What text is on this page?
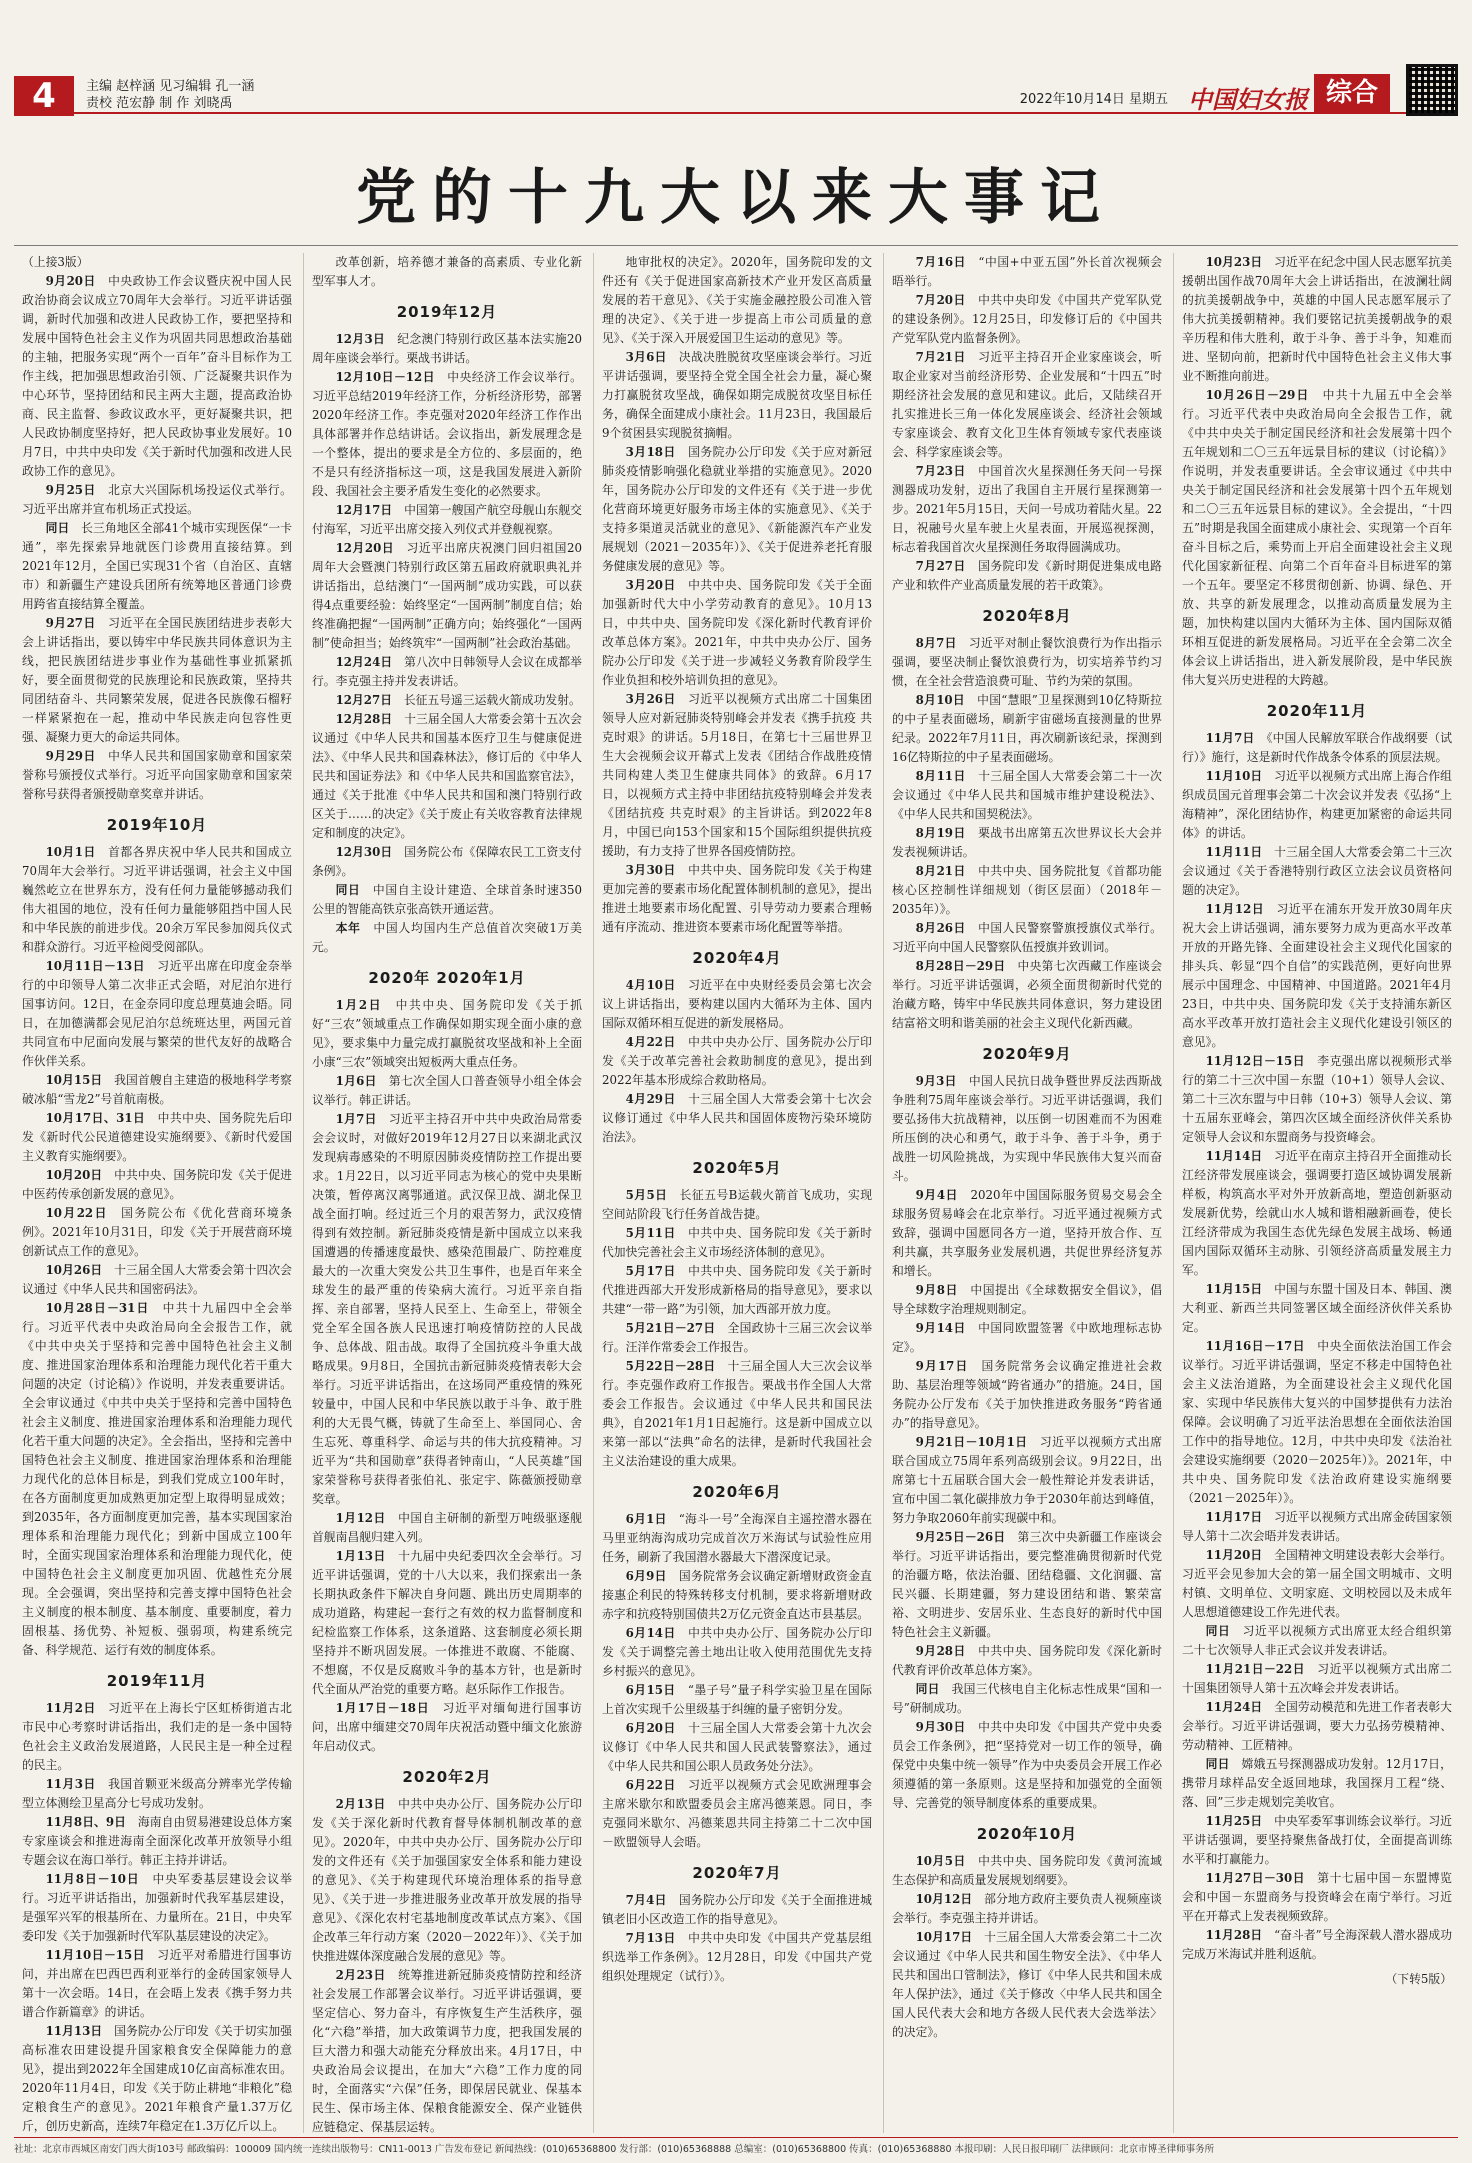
4	主编 赵梓涵 见习编辑 孔一涵
责校 范宏静 制 作 刘晓禹	2022年10月14日 星期五 中国妇女报 综合
党的十九大以来大事记

（上接3版）

9月20日　中央政协工作会议暨庆祝中国人民政治协商会议成立70周年大会举行。习近平讲话强调，新时代加强和改进人民政协工作，要把坚持和发展中国特色社会主义作为巩固共同思想政治基础的主轴，把服务实现“两个一百年”奋斗目标作为工作主线，把加强思想政治引领、广泛凝聚共识作为中心环节，坚持团结和民主两大主题，提高政治协商、民主监督、参政议政水平，更好凝聚共识，把人民政协制度坚持好，把人民政协事业发展好。10月7日，中共中央印发《关于新时代加强和改进人民政协工作的意见》。

9月25日　北京大兴国际机场投运仪式举行。习近平出席并宣布机场正式投运。

同日　长三角地区全部41个城市实现医保“一卡通”，率先探索异地就医门诊费用直接结算。到2021年12月，全国已实现31个省（自治区、直辖市）和新疆生产建设兵团所有统筹地区普通门诊费用跨省直接结算全覆盖。

9月27日　习近平在全国民族团结进步表彰大会上讲话指出，要以铸牢中华民族共同体意识为主线，把民族团结进步事业作为基础性事业抓紧抓好，要全面贯彻党的民族理论和民族政策，坚持共同团结奋斗、共同繁荣发展，促进各民族像石榴籽一样紧紧抱在一起，推动中华民族走向包容性更强、凝聚力更大的命运共同体。

9月29日　中华人民共和国国家勋章和国家荣誉称号颁授仪式举行。习近平向国家勋章和国家荣誉称号获得者颁授勋章奖章并讲话。

2019年10月

10月1日　首都各界庆祝中华人民共和国成立70周年大会举行。习近平讲话强调，社会主义中国巍然屹立在世界东方，没有任何力量能够撼动我们伟大祖国的地位，没有任何力量能够阻挡中国人民和中华民族的前进步伐。20余万军民参加阅兵仪式和群众游行。习近平检阅受阅部队。

10月11日－13日　习近平出席在印度金奈举行的中印领导人第二次非正式会晤，对尼泊尔进行国事访问。12日，在金奈同印度总理莫迪会晤。同日，在加德满都会见尼泊尔总统班达里，两国元首共同宣布中尼面向发展与繁荣的世代友好的战略合作伙伴关系。

10月15日　我国首艘自主建造的极地科学考察破冰船“雪龙2”号首航南极。

10月17日、31日　中共中央、国务院先后印发《新时代公民道德建设实施纲要》、《新时代爱国主义教育实施纲要》。

10月20日　中共中央、国务院印发《关于促进中医药传承创新发展的意见》。

10月22日　国务院公布《优化营商环境条例》。2021年10月31日，印发《关于开展营商环境创新试点工作的意见》。

10月26日　十三届全国人大常委会第十四次会议通过《中华人民共和国密码法》。

10月28日－31日　中共十九届四中全会举行。习近平代表中央政治局向全会报告工作，就《中共中央关于坚持和完善中国特色社会主义制度、推进国家治理体系和治理能力现代化若干重大问题的决定（讨论稿）》作说明，并发表重要讲话。全会审议通过《中共中央关于坚持和完善中国特色社会主义制度、推进国家治理体系和治理能力现代化若干重大问题的决定》。全会指出，坚持和完善中国特色社会主义制度、推进国家治理体系和治理能力现代化的总体目标是，到我们党成立100年时，在各方面制度更加成熟更加定型上取得明显成效；到2035年，各方面制度更加完善，基本实现国家治理体系和治理能力现代化；到新中国成立100年时，全面实现国家治理体系和治理能力现代化，使中国特色社会主义制度更加巩固、优越性充分展现。全会强调，突出坚持和完善支撑中国特色社会主义制度的根本制度、基本制度、重要制度，着力固根基、扬优势、补短板、强弱项，构建系统完备、科学规范、运行有效的制度体系。

2019年11月

11月2日　习近平在上海长宁区虹桥街道古北市民中心考察时讲话指出，我们走的是一条中国特色社会主义政治发展道路，人民民主是一种全过程的民主。

11月3日　我国首颗亚米级高分辨率光学传输型立体测绘卫星高分七号成功发射。

11月8日、9日　海南自由贸易港建设总体方案专家座谈会和推进海南全面深化改革开放领导小组专题会议在海口举行。韩正主持并讲话。

11月8日－10日　中央军委基层建设会议举行。习近平讲话指出，加强新时代我军基层建设，是强军兴军的根基所在、力量所在。21日，中央军委印发《关于加强新时代军队基层建设的决定》。

11月10日－15日　习近平对希腊进行国事访问，并出席在巴西巴西利亚举行的金砖国家领导人第十一次会晤。14日，在会晤上发表《携手努力共谱合作新篇章》的讲话。

11月13日　国务院办公厅印发《关于切实加强高标准农田建设提升国家粮食安全保障能力的意见》，提出到2022年全国建成10亿亩高标准农田。2020年11月4日，印发《关于防止耕地“非粮化”稳定粮食生产的意见》。2021年粮食产量1.37万亿斤，创历史新高，连续7年稳定在1.3万亿斤以上。

改革创新，培养德才兼备的高素质、专业化新型军事人才。

2019年12月

12月3日　纪念澳门特别行政区基本法实施20周年座谈会举行。栗战书讲话。

12月10日－12日　中央经济工作会议举行。习近平总结2019年经济工作，分析经济形势，部署2020年经济工作。李克强对2020年经济工作作出具体部署并作总结讲话。会议指出，新发展理念是一个整体，提出的要求是全方位的、多层面的，绝不是只有经济指标这一项，这是我国发展进入新阶段、我国社会主要矛盾发生变化的必然要求。

12月17日　中国第一艘国产航空母舰山东舰交付海军，习近平出席交接入列仪式并登舰视察。

12月20日　习近平出席庆祝澳门回归祖国20周年大会暨澳门特别行政区第五届政府就职典礼并讲话指出，总结澳门“一国两制”成功实践，可以获得4点重要经验：始终坚定“一国两制”制度自信；始终准确把握“一国两制”正确方向；始终强化“一国两制”使命担当；始终筑牢“一国两制”社会政治基础。

12月24日　第八次中日韩领导人会议在成都举行。李克强主持并发表讲话。

12月27日　长征五号遥三运载火箭成功发射。

12月28日　十三届全国人大常委会第十五次会议通过《中华人民共和国基本医疗卫生与健康促进法》、《中华人民共和国森林法》，修订后的《中华人民共和国证券法》和《中华人民共和国监察官法》，通过《关于批准《中华人民共和国和澳门特别行政区关于……的决定》《关于废止有关收容教育法律规定和制度的决定》。

12月30日　国务院公布《保障农民工工资支付条例》。

同日　中国自主设计建造、全球首条时速350公里的智能高铁京张高铁开通运营。

本年　中国人均国内生产总值首次突破1万美元。

2020年 2020年1月

1月2日　中共中央、国务院印发《关于抓好“三农”领域重点工作确保如期实现全面小康的意见》，要求集中力量完成打赢脱贫攻坚战和补上全面小康“三农”领域突出短板两大重点任务。

1月6日　第七次全国人口普查领导小组全体会议举行。韩正讲话。

1月7日　习近平主持召开中共中央政治局常委会会议时，对做好2019年12月27日以来湖北武汉发现病毒感染的不明原因肺炎疫情防控工作提出要求。1月22日，以习近平同志为核心的党中央果断决策，暂停离汉离鄂通道。武汉保卫战、湖北保卫战全面打响。经过近三个月的艰苦努力，武汉疫情得到有效控制。新冠肺炎疫情是新中国成立以来我国遭遇的传播速度最快、感染范围最广、防控难度最大的一次重大突发公共卫生事件，也是百年来全球发生的最严重的传染病大流行。习近平亲自指挥、亲自部署，坚持人民至上、生命至上，带领全党全军全国各族人民迅速打响疫情防控的人民战争、总体战、阻击战。取得了全国抗疫斗争重大战略成果。9月8日，全国抗击新冠肺炎疫情表彰大会举行。习近平讲话指出，在这场同严重疫情的殊死较量中，中国人民和中华民族以敢于斗争、敢于胜利的大无畏气概，铸就了生命至上、举国同心、舍生忘死、尊重科学、命运与共的伟大抗疫精神。习近平为“共和国勋章”获得者钟南山，“人民英雄”国家荣誉称号获得者张伯礼、张定宇、陈薇颁授勋章奖章。

1月12日　中国自主研制的新型万吨级驱逐舰首舰南昌舰归建入列。

1月13日　十九届中央纪委四次全会举行。习近平讲话强调，党的十八大以来，我们探索出一条长期执政条件下解决自身问题、跳出历史周期率的成功道路，构建起一套行之有效的权力监督制度和纪检监察工作体系，这条道路、这套制度必须长期坚持并不断巩固发展。一体推进不敢腐、不能腐、不想腐，不仅是反腐败斗争的基本方针，也是新时代全面从严治党的重要方略。赵乐际作工作报告。

1月17日－18日　习近平对缅甸进行国事访问，出席中缅建交70周年庆祝活动暨中缅文化旅游年启动仪式。

2020年2月

2月13日　中共中央办公厅、国务院办公厅印发《关于深化新时代教育督导体制机制改革的意见》。2020年，中共中央办公厅、国务院办公厅印发的文件还有《关于加强国家安全体系和能力建设的意见》、《关于构建现代环境治理体系的指导意见》、《关于进一步推进服务业改革开放发展的指导意见》、《深化农村宅基地制度改革试点方案》、《国企改革三年行动方案（2020－2022年）》、《关于加快推进媒体深度融合发展的意见》等。

2月23日　统筹推进新冠肺炎疫情防控和经济社会发展工作部署会议举行。习近平讲话强调，要坚定信心、努力奋斗，有序恢复生产生活秩序，强化“六稳”举措，加大政策调节力度，把我国发展的巨大潜力和强大动能充分释放出来。4月17日，中央政治局会议提出，在加大“六稳”工作力度的同时，全面落实“六保”任务，即保居民就业、保基本民生、保市场主体、保粮食能源安全、保产业链供应链稳定、保基层运转。

地审批权的决定》。2020年，国务院印发的文件还有《关于促进国家高新技术产业开发区高质量发展的若干意见》、《关于实施金融控股公司准入管理的决定》、《关于进一步提高上市公司质量的意见》、《关于深入开展爱国卫生运动的意见》等。

3月6日　决战决胜脱贫攻坚座谈会举行。习近平讲话强调，要坚持全党全国全社会力量，凝心聚力打赢脱贫攻坚战，确保如期完成脱贫攻坚目标任务，确保全面建成小康社会。11月23日，我国最后9个贫困县实现脱贫摘帽。

3月18日　国务院办公厅印发《关于应对新冠肺炎疫情影响强化稳就业举措的实施意见》。2020年，国务院办公厅印发的文件还有《关于进一步优化营商环境更好服务市场主体的实施意见》、《关于支持多渠道灵活就业的意见》、《新能源汽车产业发展规划（2021－2035年）》、《关于促进养老托育服务健康发展的意见》等。

3月20日　中共中央、国务院印发《关于全面加强新时代大中小学劳动教育的意见》。10月13日，中共中央、国务院印发《深化新时代教育评价改革总体方案》。2021年，中共中央办公厅、国务院办公厅印发《关于进一步减轻义务教育阶段学生作业负担和校外培训负担的意见》。

3月26日　习近平以视频方式出席二十国集团领导人应对新冠肺炎特别峰会并发表《携手抗疫 共克时艰》的讲话。5月18日，在第七十三届世界卫生大会视频会议开幕式上发表《团结合作战胜疫情 共同构建人类卫生健康共同体》的致辞。6月17日，以视频方式主持中非团结抗疫特别峰会并发表《团结抗疫 共克时艰》的主旨讲话。到2022年8月，中国已向153个国家和15个国际组织提供抗疫援助，有力支持了世界各国疫情防控。

3月30日　中共中央、国务院印发《关于构建更加完善的要素市场化配置体制机制的意见》，提出推进土地要素市场化配置、引导劳动力要素合理畅通有序流动、推进资本要素市场化配置等举措。

2020年4月

4月10日　习近平在中央财经委员会第七次会议上讲话指出，要构建以国内大循环为主体、国内国际双循环相互促进的新发展格局。

4月22日　中共中央办公厅、国务院办公厅印发《关于改革完善社会救助制度的意见》，提出到2022年基本形成综合救助格局。

4月29日　十三届全国人大常委会第十七次会议修订通过《中华人民共和国固体废物污染环境防治法》。

2020年5月

5月5日　长征五号B运载火箭首飞成功，实现空间站阶段飞行任务首战告捷。

5月11日　中共中央、国务院印发《关于新时代加快完善社会主义市场经济体制的意见》。

5月17日　中共中央、国务院印发《关于新时代推进西部大开发形成新格局的指导意见》，要求以共建“一带一路”为引领，加大西部开放力度。

5月21日－27日　全国政协十三届三次会议举行。汪洋作常委会工作报告。

5月22日－28日　十三届全国人大三次会议举行。李克强作政府工作报告。栗战书作全国人大常委会工作报告。会议通过《中华人民共和国民法典》，自2021年1月1日起施行。这是新中国成立以来第一部以“法典”命名的法律，是新时代我国社会主义法治建设的重大成果。

2020年6月

6月1日　“海斗一号”全海深自主遥控潜水器在马里亚纳海沟成功完成首次万米海试与试验性应用任务，刷新了我国潜水器最大下潜深度记录。

6月9日　国务院常务会议确定新增财政资金直接惠企利民的特殊转移支付机制，要求将新增财政赤字和抗疫特别国债共2万亿元资金直达市县基层。

6月14日　中共中央办公厅、国务院办公厅印发《关于调整完善土地出让收入使用范围优先支持乡村振兴的意见》。

6月15日　“墨子号”量子科学实验卫星在国际上首次实现千公里级基于纠缠的量子密钥分发。

6月20日　十三届全国人大常委会第十九次会议修订《中华人民共和国人民武装警察法》，通过《中华人民共和国公职人员政务处分法》。

6月22日　习近平以视频方式会见欧洲理事会主席米歇尔和欧盟委员会主席冯德莱恩。同日，李克强同米歇尔、冯德莱恩共同主持第二十二次中国－欧盟领导人会晤。

2020年7月

7月4日　国务院办公厅印发《关于全面推进城镇老旧小区改造工作的指导意见》。

7月13日　中共中央印发《中国共产党基层组织选举工作条例》。12月28日，印发《中国共产党组织处理规定（试行）》。

7月16日　“中国+中亚五国”外长首次视频会晤举行。

7月20日　中共中央印发《中国共产党军队党的建设条例》。12月25日，印发修订后的《中国共产党军队党内监督条例》。

7月21日　习近平主持召开企业家座谈会，听取企业家对当前经济形势、企业发展和“十四五”时期经济社会发展的意见和建议。此后，又陆续召开扎实推进长三角一体化发展座谈会、经济社会领域专家座谈会、教育文化卫生体育领域专家代表座谈会、科学家座谈会等。

7月23日　中国首次火星探测任务天问一号探测器成功发射，迈出了我国自主开展行星探测第一步。2021年5月15日，天问一号成功着陆火星。22日，祝融号火星车驶上火星表面，开展巡视探测，标志着我国首次火星探测任务取得圆满成功。

7月27日　国务院印发《新时期促进集成电路产业和软件产业高质量发展的若干政策》。

2020年8月

8月7日　习近平对制止餐饮浪费行为作出指示强调，要坚决制止餐饮浪费行为，切实培养节约习惯，在全社会营造浪费可耻、节约为荣的氛围。

8月10日　中国“慧眼”卫星探测到10亿特斯拉的中子星表面磁场，刷新宇宙磁场直接测量的世界纪录。2022年7月11日，再次刷新该纪录，探测到16亿特斯拉的中子星表面磁场。

8月11日　十三届全国人大常委会第二十一次会议通过《中华人民共和国城市维护建设税法》、《中华人民共和国契税法》。

8月19日　栗战书出席第五次世界议长大会并发表视频讲话。

8月21日　中共中央、国务院批复《首都功能核心区控制性详细规划（街区层面）（2018年－2035年）》。

8月26日　中国人民警察警旗授旗仪式举行。习近平向中国人民警察队伍授旗并致训词。

8月28日－29日　中央第七次西藏工作座谈会举行。习近平讲话强调，必须全面贯彻新时代党的治藏方略，铸牢中华民族共同体意识，努力建设团结富裕文明和谐美丽的社会主义现代化新西藏。

2020年9月

9月3日　中国人民抗日战争暨世界反法西斯战争胜利75周年座谈会举行。习近平讲话强调，我们要弘扬伟大抗战精神，以压倒一切困难而不为困难所压倒的决心和勇气，敢于斗争、善于斗争，勇于战胜一切风险挑战，为实现中华民族伟大复兴而奋斗。

9月4日　2020年中国国际服务贸易交易会全球服务贸易峰会在北京举行。习近平通过视频方式致辞，强调中国愿同各方一道，坚持开放合作、互利共赢，共享服务业发展机遇，共促世界经济复苏和增长。

9月8日　中国提出《全球数据安全倡议》，倡导全球数字治理规则制定。

9月14日　中国同欧盟签署《中欧地理标志协定》。

9月17日　国务院常务会议确定推进社会救助、基层治理等领域“跨省通办”的措施。24日，国务院办公厅发布《关于加快推进政务服务“跨省通办”的指导意见》。

9月21日－10月1日　习近平以视频方式出席联合国成立75周年系列高级别会议。9月22日，出席第七十五届联合国大会一般性辩论并发表讲话，宣布中国二氧化碳排放力争于2030年前达到峰值，努力争取2060年前实现碳中和。

9月25日－26日　第三次中央新疆工作座谈会举行。习近平讲话指出，要完整准确贯彻新时代党的治疆方略，依法治疆、团结稳疆、文化润疆、富民兴疆、长期建疆，努力建设团结和谐、繁荣富裕、文明进步、安居乐业、生态良好的新时代中国特色社会主义新疆。

9月28日　中共中央、国务院印发《深化新时代教育评价改革总体方案》。

同日　我国三代核电自主化标志性成果“国和一号”研制成功。

9月30日　中共中央印发《中国共产党中央委员会工作条例》，把“坚持党对一切工作的领导，确保党中央集中统一领导”作为中央委员会开展工作必须遵循的第一条原则。这是坚持和加强党的全面领导、完善党的领导制度体系的重要成果。

2020年10月

10月5日　中共中央、国务院印发《黄河流域生态保护和高质量发展规划纲要》。

10月12日　部分地方政府主要负责人视频座谈会举行。李克强主持并讲话。

10月17日　十三届全国人大常委会第二十二次会议通过《中华人民共和国生物安全法》、《中华人民共和国出口管制法》，修订《中华人民共和国未成年人保护法》，通过《关于修改〈中华人民共和国全国人民代表大会和地方各级人民代表大会选举法〉的决定》。

10月23日　习近平在纪念中国人民志愿军抗美援朝出国作战70周年大会上讲话指出，在波澜壮阔的抗美援朝战争中，英雄的中国人民志愿军展示了伟大抗美援朝精神。我们要铭记抗美援朝战争的艰辛历程和伟大胜利，敢于斗争、善于斗争，知难而进、坚韧向前，把新时代中国特色社会主义伟大事业不断推向前进。

10月26日－29日　中共十九届五中全会举行。习近平代表中央政治局向全会报告工作，就《中共中央关于制定国民经济和社会发展第十四个五年规划和二〇三五年远景目标的建议（讨论稿）》作说明，并发表重要讲话。全会审议通过《中共中央关于制定国民经济和社会发展第十四个五年规划和二〇三五年远景目标的建议》。全会提出，“十四五”时期是我国全面建成小康社会、实现第一个百年奋斗目标之后，乘势而上开启全面建设社会主义现代化国家新征程、向第二个百年奋斗目标进军的第一个五年。要坚定不移贯彻创新、协调、绿色、开放、共享的新发展理念，以推动高质量发展为主题，加快构建以国内大循环为主体、国内国际双循环相互促进的新发展格局。习近平在全会第二次全体会议上讲话指出，进入新发展阶段，是中华民族伟大复兴历史进程的大跨越。

2020年11月

11月7日　《中国人民解放军联合作战纲要（试行）》施行，这是新时代作战条令体系的顶层法规。

11月10日　习近平以视频方式出席上海合作组织成员国元首理事会第二十次会议并发表《弘扬“上海精神”，深化团结协作，构建更加紧密的命运共同体》的讲话。

11月11日　十三届全国人大常委会第二十三次会议通过《关于香港特别行政区立法会议员资格问题的决定》。

11月12日　习近平在浦东开发开放30周年庆祝大会上讲话强调，浦东要努力成为更高水平改革开放的开路先锋、全面建设社会主义现代化国家的排头兵、彰显“四个自信”的实践范例，更好向世界展示中国理念、中国精神、中国道路。2021年4月23日，中共中央、国务院印发《关于支持浦东新区高水平改革开放打造社会主义现代化建设引领区的意见》。

11月12日－15日　李克强出席以视频形式举行的第二十三次中国－东盟（10+1）领导人会议、第二十三次东盟与中日韩（10+3）领导人会议、第十五届东亚峰会，第四次区域全面经济伙伴关系协定领导人会议和东盟商务与投资峰会。

11月14日　习近平在南京主持召开全面推动长江经济带发展座谈会，强调要打造区域协调发展新样板，构筑高水平对外开放新高地，塑造创新驱动发展新优势，绘就山水人城和谐相融新画卷，使长江经济带成为我国生态优先绿色发展主战场、畅通国内国际双循环主动脉、引领经济高质量发展主力军。

11月15日　中国与东盟十国及日本、韩国、澳大利亚、新西兰共同签署区域全面经济伙伴关系协定。

11月16日－17日　中央全面依法治国工作会议举行。习近平讲话强调，坚定不移走中国特色社会主义法治道路，为全面建设社会主义现代化国家、实现中华民族伟大复兴的中国梦提供有力法治保障。会议明确了习近平法治思想在全面依法治国工作中的指导地位。12月，中共中央印发《法治社会建设实施纲要（2020－2025年）》。2021年，中共中央、国务院印发《法治政府建设实施纲要（2021－2025年）》。

11月17日　习近平以视频方式出席金砖国家领导人第十二次会晤并发表讲话。

11月20日　全国精神文明建设表彰大会举行。习近平会见参加大会的第一届全国文明城市、文明村镇、文明单位、文明家庭、文明校园以及未成年人思想道德建设工作先进代表。

同日　习近平以视频方式出席亚太经合组织第二十七次领导人非正式会议并发表讲话。

11月21日－22日　习近平以视频方式出席二十国集团领导人第十五次峰会并发表讲话。

11月24日　全国劳动模范和先进工作者表彰大会举行。习近平讲话强调，要大力弘扬劳模精神、劳动精神、工匠精神。

同日　嫦娥五号探测器成功发射。12月17日，携带月球样品安全返回地球，我国探月工程“绕、落、回”三步走规划完美收官。

11月25日　中央军委军事训练会议举行。习近平讲话强调，要坚持聚焦备战打仗，全面提高训练水平和打赢能力。

11月27日－30日　第十七届中国－东盟博览会和中国－东盟商务与投资峰会在南宁举行。习近平在开幕式上发表视频致辞。

11月28日　“奋斗者”号全海深载人潜水器成功完成万米海试并胜利返航。

（下转5版）

社址：北京市西城区南安门西大街103号 邮政编码：100009 国内统一连续出版物号：CN11-0013 广告发布登记 新闻热线：(010)65368800 发行部：(010)65368888 总编室：(010)65368800 传真：(010)65368880 本报印刷：人民日报印刷厂 法律顾问：北京市博圣律师事务所
